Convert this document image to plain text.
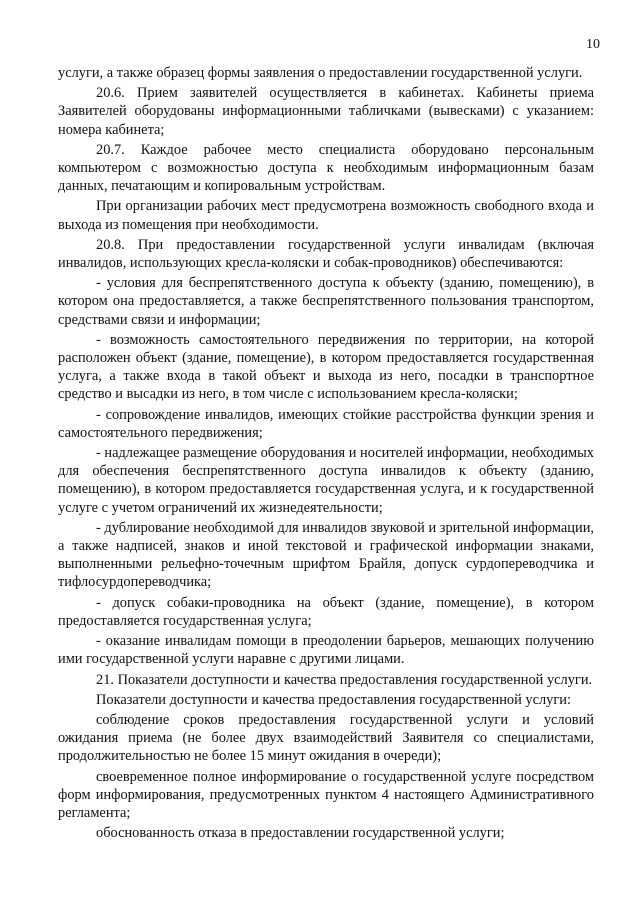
10

услуги, а также образец формы заявления о предоставлении государственной услуги.

20.6. Прием заявителей осуществляется в кабинетах. Кабинеты приема Заявителей оборудованы информационными табличками (вывесками) с указанием: номера кабинета;

20.7. Каждое рабочее место специалиста оборудовано персональным компьютером с возможностью доступа к необходимым информационным базам данных, печатающим и копировальным устройствам.

При организации рабочих мест предусмотрена возможность свободного входа и выхода из помещения при необходимости.

20.8. При предоставлении государственной услуги инвалидам (включая инвалидов, использующих кресла-коляски и собак-проводников) обеспечиваются:

- условия для беспрепятственного доступа к объекту (зданию, помещению), в котором она предоставляется, а также беспрепятственного пользования транспортом, средствами связи и информации;

- возможность самостоятельного передвижения по территории, на которой расположен объект (здание, помещение), в котором предоставляется государственная услуга, а также входа в такой объект и выхода из него, посадки в транспортное средство и высадки из него, в том числе с использованием кресла-коляски;

- сопровождение инвалидов, имеющих стойкие расстройства функции зрения и самостоятельного передвижения;

- надлежащее размещение оборудования и носителей информации, необходимых для обеспечения беспрепятственного доступа инвалидов к объекту (зданию, помещению), в котором предоставляется государственная услуга, и к государственной услуге с учетом ограничений их жизнедеятельности;

- дублирование необходимой для инвалидов звуковой и зрительной информации, а также надписей, знаков и иной текстовой и графической информации знаками, выполненными рельефно-точечным шрифтом Брайля, допуск сурдопереводчика и тифлосурдопереводчика;

- допуск собаки-проводника на объект (здание, помещение), в котором предоставляется государственная услуга;

- оказание инвалидам помощи в преодолении барьеров, мешающих получению ими государственной услуги наравне с другими лицами.

21. Показатели доступности и качества предоставления государственной услуги.

Показатели доступности и качества предоставления государственной услуги:

соблюдение сроков предоставления государственной услуги и условий ожидания приема (не более двух взаимодействий Заявителя со специалистами, продолжительностью не более 15 минут ожидания в очереди);

своевременное полное информирование о государственной услуге посредством форм информирования, предусмотренных пунктом 4 настоящего Административного регламента;

обоснованность отказа в предоставлении государственной услуги;
